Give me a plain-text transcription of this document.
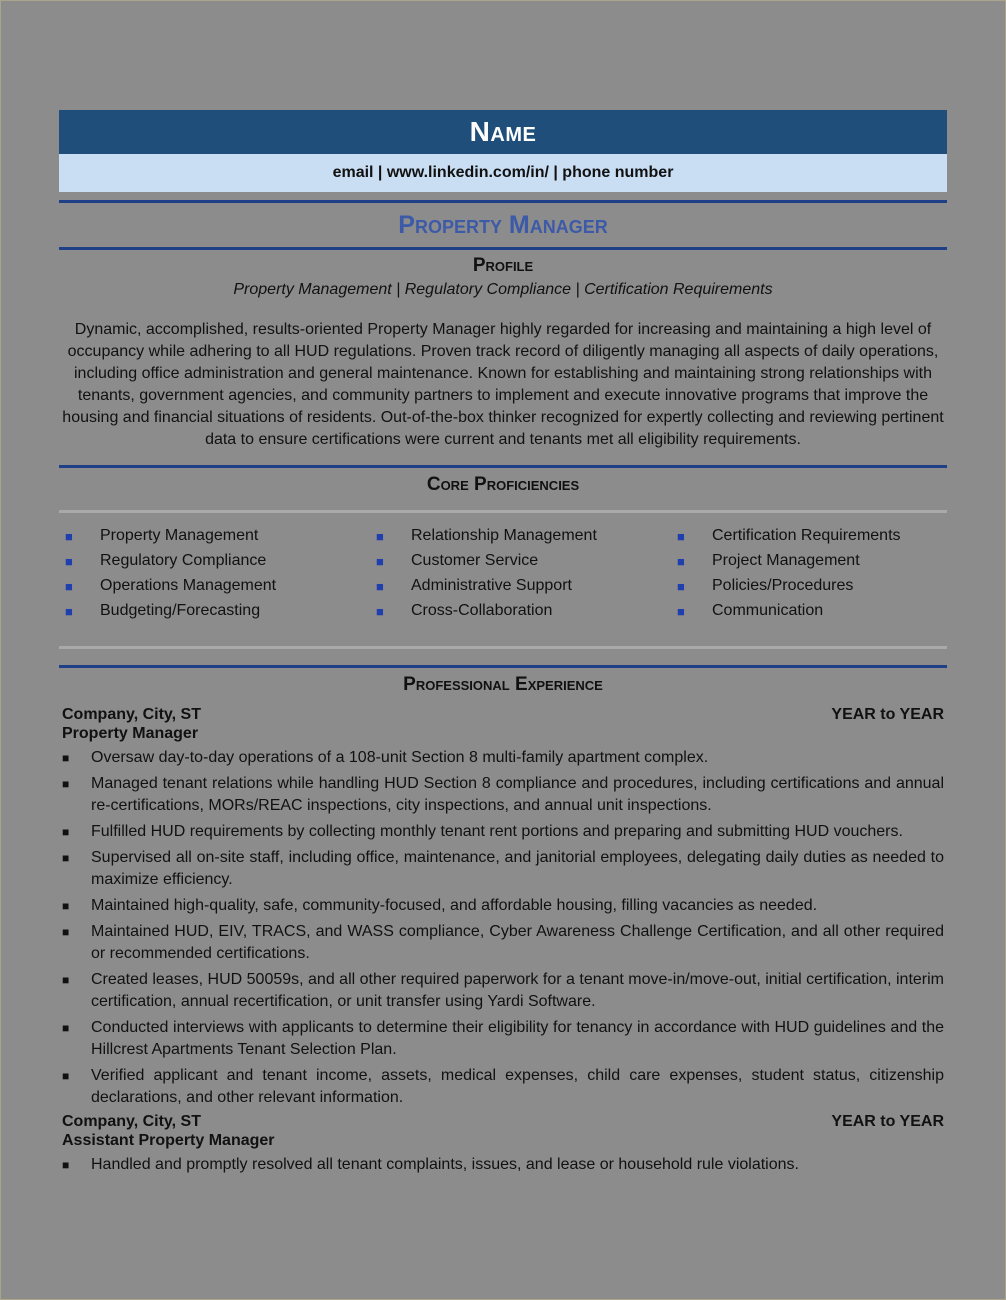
Name
email | www.linkedin.com/in/ | phone number
Property Manager
Profile
Property Management | Regulatory Compliance | Certification Requirements
Dynamic, accomplished, results-oriented Property Manager highly regarded for increasing and maintaining a high level of occupancy while adhering to all HUD regulations. Proven track record of diligently managing all aspects of daily operations, including office administration and general maintenance. Known for establishing and maintaining strong relationships with tenants, government agencies, and community partners to implement and execute innovative programs that improve the housing and financial situations of residents. Out-of-the-box thinker recognized for expertly collecting and reviewing pertinent data to ensure certifications were current and tenants met all eligibility requirements.
Core Proficiencies
■	Property Management	■	Relationship Management	■	Certification Requirements
■	Regulatory Compliance	■	Customer Service	■	Project Management
■	Operations Management	■	Administrative Support	■	Policies/Procedures
■	Budgeting/Forecasting	■	Cross-Collaboration	■	Communication
Professional Experience
Company, City, ST	YEAR to YEAR
Property Manager
■	Oversaw day-to-day operations of a 108-unit Section 8 multi-family apartment complex.
■	Managed tenant relations while handling HUD Section 8 compliance and procedures, including certifications and annual re-certifications, MORs/REAC inspections, city inspections, and annual unit inspections.
■	Fulfilled HUD requirements by collecting monthly tenant rent portions and preparing and submitting HUD vouchers.
■	Supervised all on-site staff, including office, maintenance, and janitorial employees, delegating daily duties as needed to maximize efficiency.
■	Maintained high-quality, safe, community-focused, and affordable housing, filling vacancies as needed.
■	Maintained HUD, EIV, TRACS, and WASS compliance, Cyber Awareness Challenge Certification, and all other required or recommended certifications.
■	Created leases, HUD 50059s, and all other required paperwork for a tenant move-in/move-out, initial certification, interim certification, annual recertification, or unit transfer using Yardi Software.
■	Conducted interviews with applicants to determine their eligibility for tenancy in accordance with HUD guidelines and the Hillcrest Apartments Tenant Selection Plan.
■	Verified applicant and tenant income, assets, medical expenses, child care expenses, student status, citizenship declarations, and other relevant information.
Company, City, ST	YEAR to YEAR
Assistant Property Manager
■	Handled and promptly resolved all tenant complaints, issues, and lease or household rule violations.
